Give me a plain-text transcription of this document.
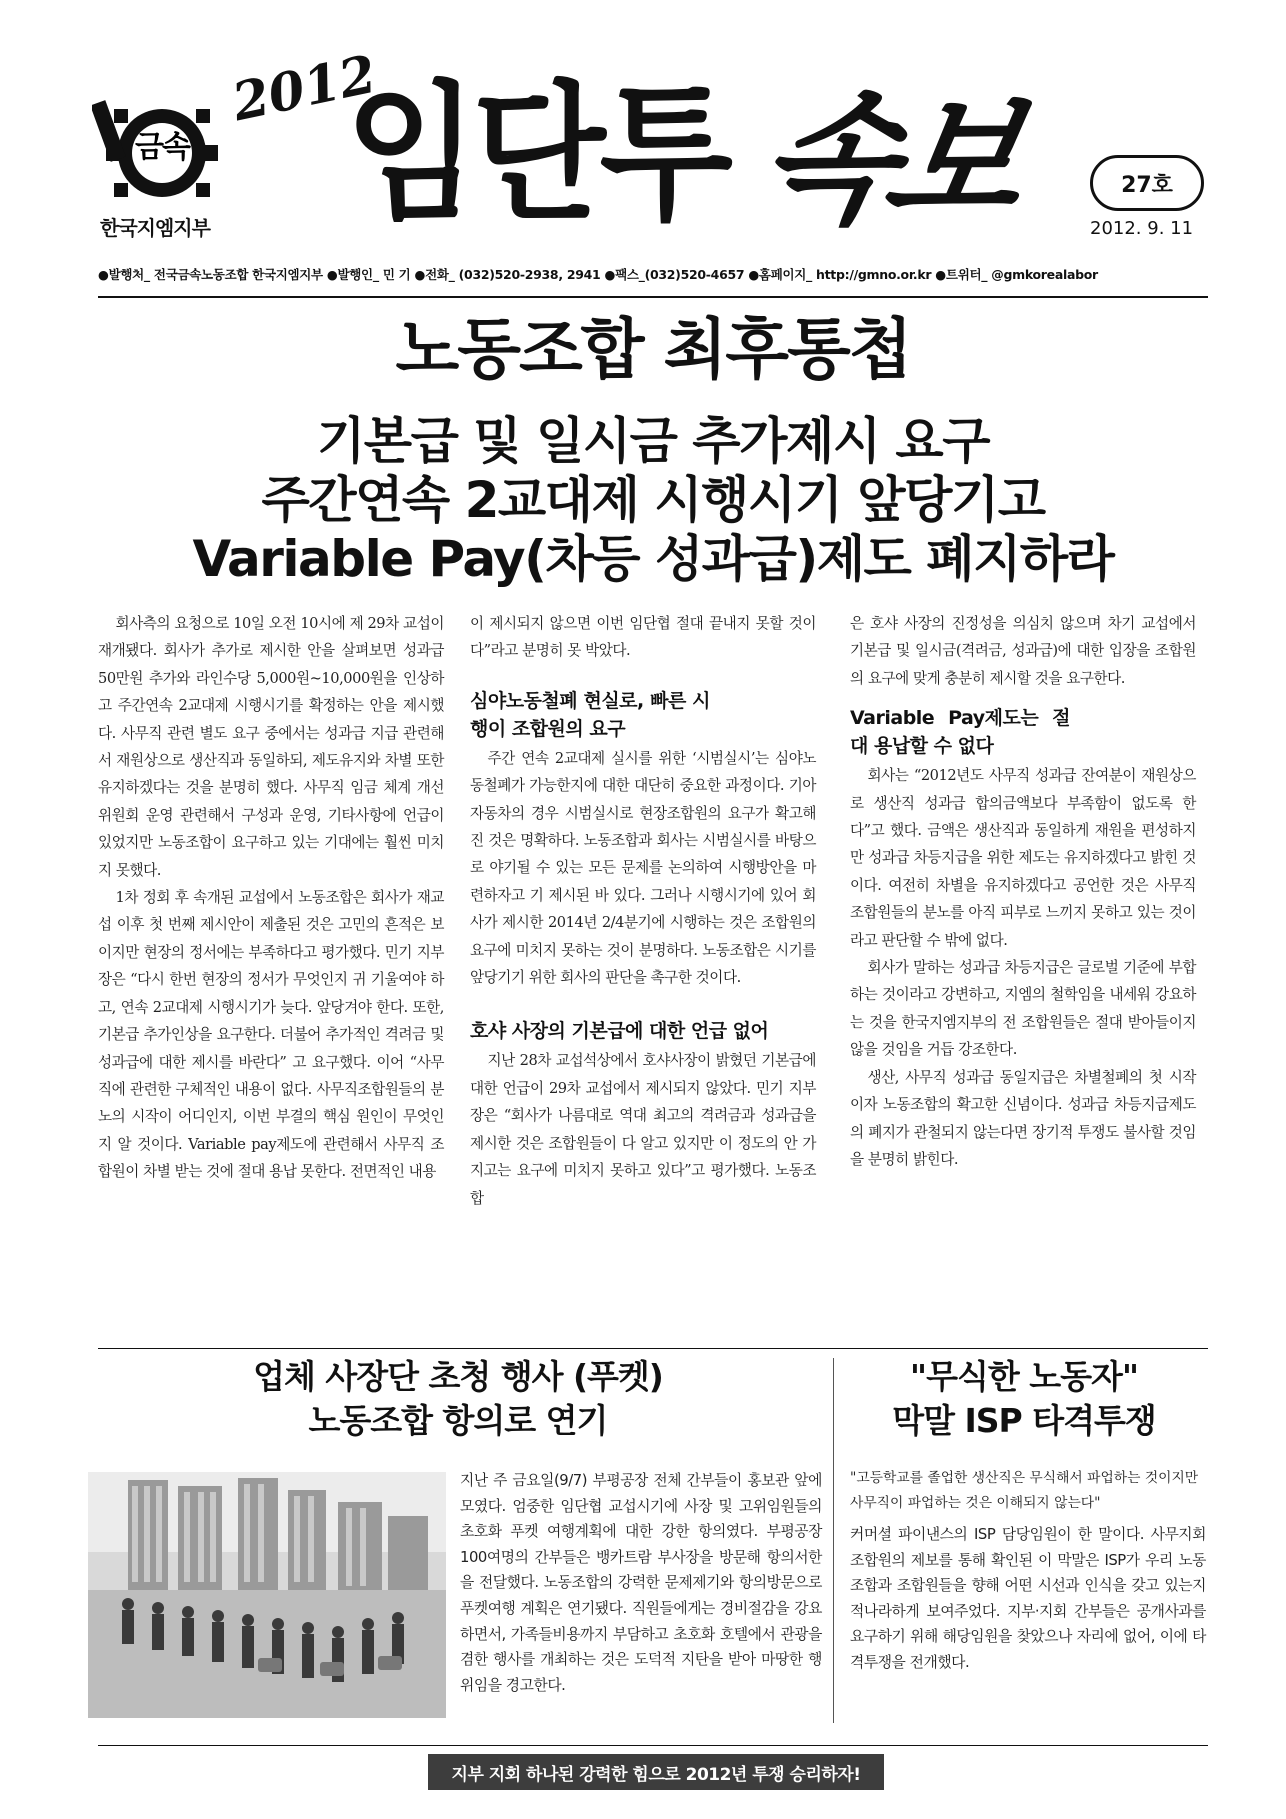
금속
한국지엠지부
2012
임단투 속보	27호
2012. 9. 11
●발행처_ 전국금속노동조합 한국지엠지부 ●발행인_ 민 기 ●전화_ (032)520-2938, 2941 ●팩스_(032)520-4657 ●홈페이지_ http://gmno.or.kr ●트위터_ @gmkorealabor
노동조합 최후통첩
기본급 및 일시금 추가제시 요구
주간연속 2교대제 시행시기 앞당기고
Variable Pay(차등 성과급)제도 폐지하라

회사측의 요청으로 10일 오전 10시에 제 29차 교섭이 재개됐다. 회사가 추가로 제시한 안을 살펴보면 성과급 50만원 추가와 라인수당 5,000원~10,000원을 인상하고 주간연속 2교대제 시행시기를 확정하는 안을 제시했다. 사무직 관련 별도 요구 중에서는 성과급 지급 관련해서 재원상으로 생산직과 동일하되, 제도유지와 차별 또한 유지하겠다는 것을 분명히 했다. 사무직 임금 체계 개선위원회 운영 관련해서 구성과 운영, 기타사항에 언급이 있었지만 노동조합이 요구하고 있는 기대에는 훨씬 미치지 못했다.

1차 정회 후 속개된 교섭에서 노동조합은 회사가 재교섭 이후 첫 번째 제시안이 제출된 것은 고민의 흔적은 보이지만 현장의 정서에는 부족하다고 평가했다. 민기 지부장은 “다시 한번 현장의 정서가 무엇인지 귀 기울여야 하고, 연속 2교대제 시행시기가 늦다. 앞당겨야 한다. 또한, 기본급 추가인상을 요구한다. 더불어 추가적인 격려금 및 성과급에 대한 제시를 바란다” 고 요구했다. 이어 “사무직에 관련한 구체적인 내용이 없다. 사무직조합원들의 분노의 시작이 어디인지, 이번 부결의 핵심 원인이 무엇인지 알 것이다. Variable pay제도에 관련해서 사무직 조합원이 차별 받는 것에 절대 용납 못한다. 전면적인 내용

이 제시되지 않으면 이번 임단협 절대 끝내지 못할 것이다”라고 분명히 못 박았다.

심야노동철폐 현실로, 빠른 시행이 조합원의 요구

주간 연속 2교대제 실시를 위한 ‘시범실시’는 심야노동철폐가 가능한지에 대한 대단히 중요한 과정이다. 기아자동차의 경우 시범실시로 현장조합원의 요구가 확고해진 것은 명확하다. 노동조합과 회사는 시범실시를 바탕으로 야기될 수 있는 모든 문제를 논의하여 시행방안을 마련하자고 기 제시된 바 있다. 그러나 시행시기에 있어 회사가 제시한 2014년 2/4분기에 시행하는 것은 조합원의 요구에 미치지 못하는 것이 분명하다. 노동조합은 시기를 앞당기기 위한 회사의 판단을 촉구한 것이다.

호샤 사장의 기본급에 대한 언급 없어

지난 28차 교섭석상에서 호샤사장이 밝혔던 기본급에 대한 언급이 29차 교섭에서 제시되지 않았다. 민기 지부장은 “회사가 나름대로 역대 최고의 격려금과 성과급을 제시한 것은 조합원들이 다 알고 있지만 이 정도의 안 가지고는 요구에 미치지 못하고 있다”고 평가했다. 노동조합

은 호샤 사장의 진정성을 의심치 않으며 차기 교섭에서 기본급 및 일시금(격려금, 성과급)에 대한 입장을 조합원의 요구에 맞게 충분히 제시할 것을 요구한다.

Variable Pay제도는 절대 용납할 수 없다

회사는 “2012년도 사무직 성과급 잔여분이 재원상으로 생산직 성과급 합의금액보다 부족함이 없도록 한다”고 했다. 금액은 생산직과 동일하게 재원을 편성하지만 성과급 차등지급을 위한 제도는 유지하겠다고 밝힌 것이다. 여전히 차별을 유지하겠다고 공언한 것은 사무직 조합원들의 분노를 아직 피부로 느끼지 못하고 있는 것이라고 판단할 수 밖에 없다.

회사가 말하는 성과급 차등지급은 글로벌 기준에 부합하는 것이라고 강변하고, 지엠의 철학임을 내세워 강요하는 것을 한국지엠지부의 전 조합원들은 절대 받아들이지 않을 것임을 거듭 강조한다.

생산, 사무직 성과급 동일지급은 차별철폐의 첫 시작이자 노동조합의 확고한 신념이다. 성과급 차등지급제도의 폐지가 관철되지 않는다면 장기적 투쟁도 불사할 것임을 분명히 밝힌다.

업체 사장단 초청 행사 (푸켓)
노동조합 항의로 연기

지난 주 금요일(9/7) 부평공장 전체 간부들이 홍보관 앞에 모였다. 엄중한 임단협 교섭시기에 사장 및 고위임원들의 초호화 푸켓 여행계획에 대한 강한 항의였다. 부평공장 100여명의 간부들은 뱅카트람 부사장을 방문해 항의서한을 전달했다. 노동조합의 강력한 문제제기와 항의방문으로 푸켓여행 계획은 연기됐다. 직원들에게는 경비절감을 강요하면서, 가족들비용까지 부담하고 초호화 호텔에서 관광을 겸한 행사를 개최하는 것은 도덕적 지탄을 받아 마땅한 행위임을 경고한다.

"무식한 노동자"
막말 ISP 타격투쟁
"고등학교를 졸업한 생산직은 무식해서 파업하는 것이지만 사무직이 파업하는 것은 이해되지 않는다"

커머셜 파이낸스의 ISP 담당임원이 한 말이다. 사무지회 조합원의 제보를 통해 확인된 이 막말은 ISP가 우리 노동조합과 조합원들을 향해 어떤 시선과 인식을 갖고 있는지 적나라하게 보여주었다. 지부·지회 간부들은 공개사과를 요구하기 위해 해당임원을 찾았으나 자리에 없어, 이에 타격투쟁을 전개했다.

지부 지회 하나된 강력한 힘으로 2012년 투쟁 승리하자!
